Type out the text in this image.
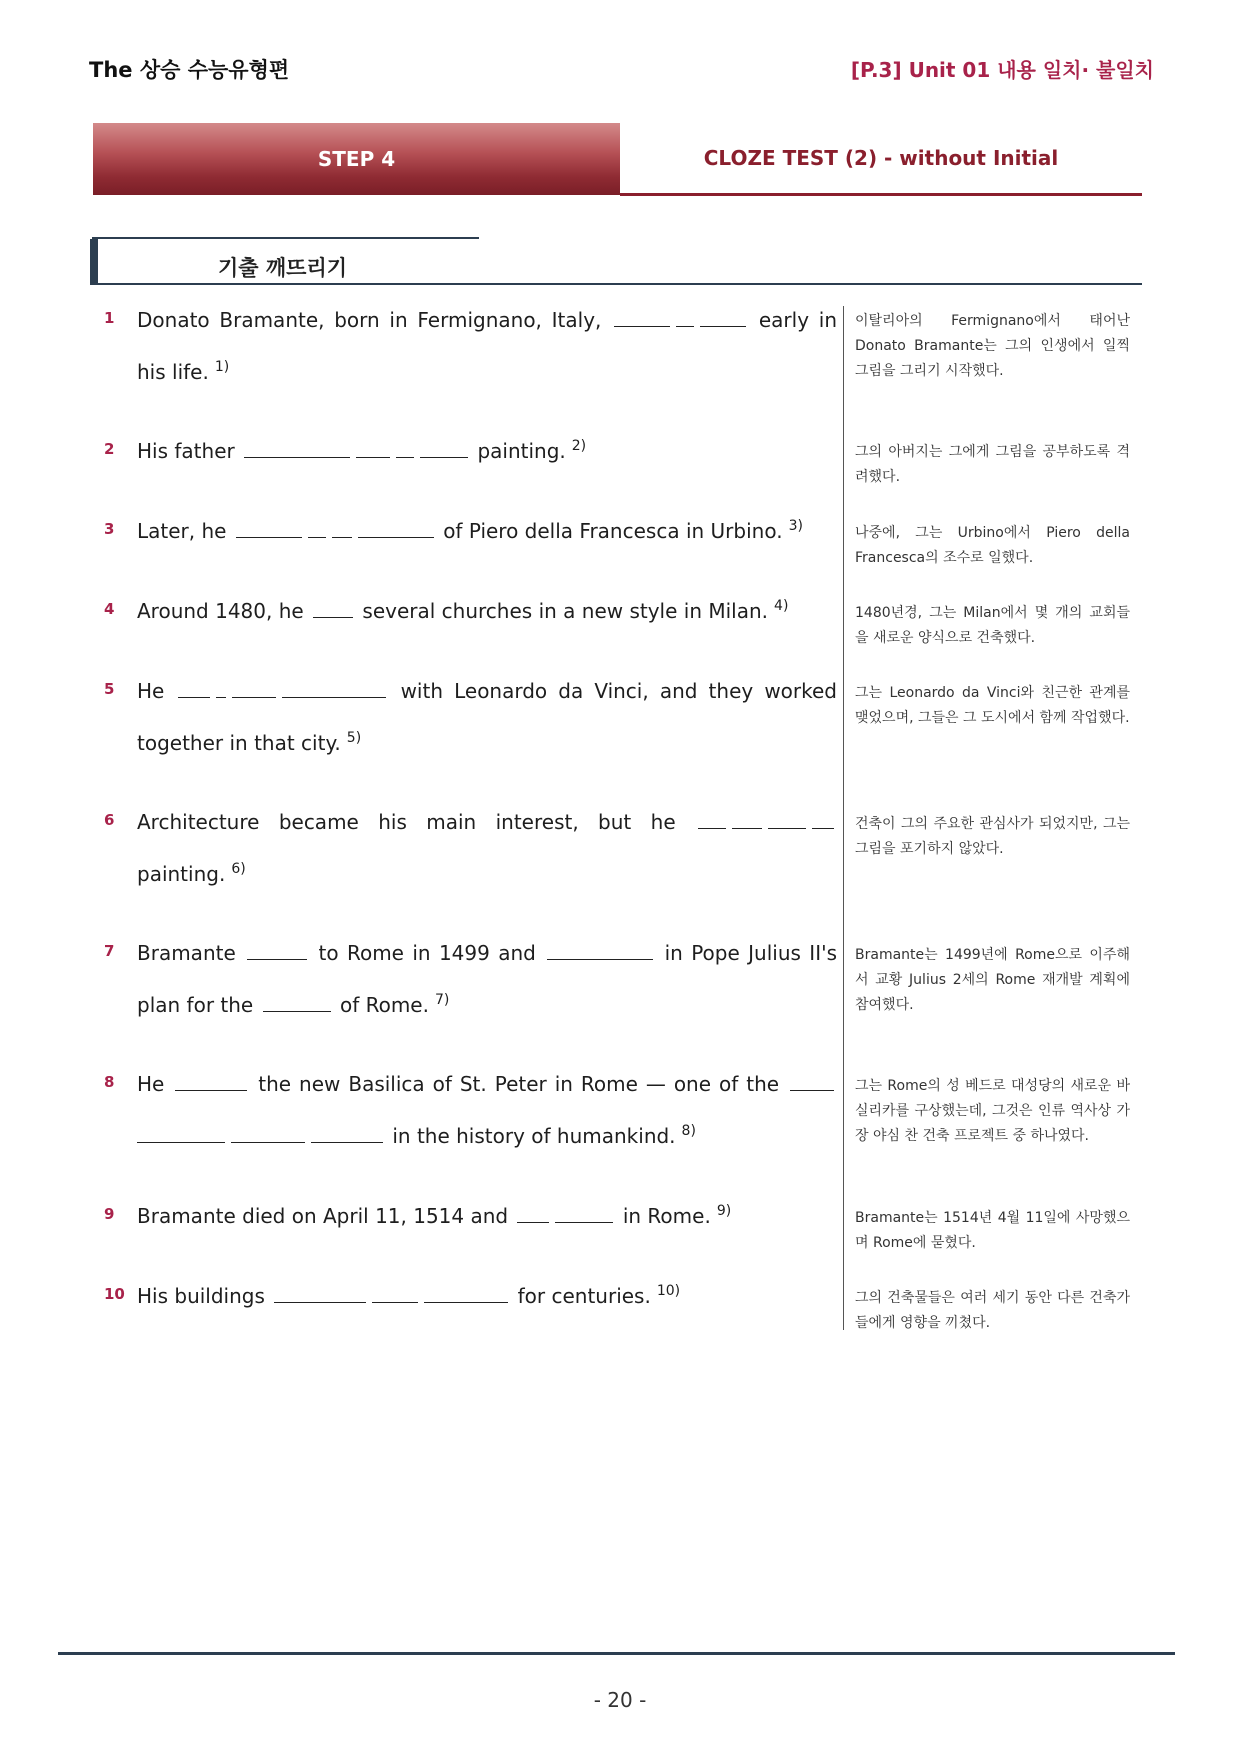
The 상승 수능유형편	[P.3] Unit 01 내용 일치· 불일치
STEP 4	CLOZE TEST (2) - without Initial
기출 깨뜨리기
1 Donato Bramante, born in Fermignano, Italy,	early in
his life. $^{1)}$
이탈리아의 Fermignano에서 태어난 Donato Bramante는 그의 인생에서 일찍 그림을 그리기 시작했다.
2 His father	painting. $^{2)}$	그의 아버지는 그에게 그림을 공부하도록 격려했다.
3 Later, he	of Piero della Francesca in Urbino. $^{3)}$	나중에, 그는 Urbino에서 Piero della Francesca의 조수로 일했다.
4 Around 1480, he	several churches in a new style in Milan. $^{4)}$	1480년경, 그는 Milan에서 몇 개의 교회들을 새로운 양식으로 건축했다.
5 He	with Leonardo da Vinci, and they worked
together in that city. $^{5)}$
그는 Leonardo da Vinci와 친근한 관계를 맺었으며, 그들은 그 도시에서 함께 작업했다.
6 Architecture became his main interest, but he
painting. $^{6)}$
건축이 그의 주요한 관심사가 되었지만, 그는 그림을 포기하지 않았다.
7 Bramante	to Rome in 1499 and	in Pope Julius II's
plan for the	of Rome. $^{7)}$
Bramante는 1499년에 Rome으로 이주해서 교황 Julius 2세의 Rome 재개발 계획에 참여했다.
8 He	the new Basilica of St. Peter in Rome — one of the
in the history of humankind. $^{8)}$
그는 Rome의 성 베드로 대성당의 새로운 바실리카를 구상했는데, 그것은 인류 역사상 가장 야심 찬 건축 프로젝트 중 하나였다.
9 Bramante died on April 11, 1514 and	in Rome. $^{9)}$	Bramante는 1514년 4월 11일에 사망했으며 Rome에 묻혔다.
10 His buildings	for centuries. $^{10)}$	그의 건축물들은 여러 세기 동안 다른 건축가들에게 영향을 끼쳤다.
- 20 -
